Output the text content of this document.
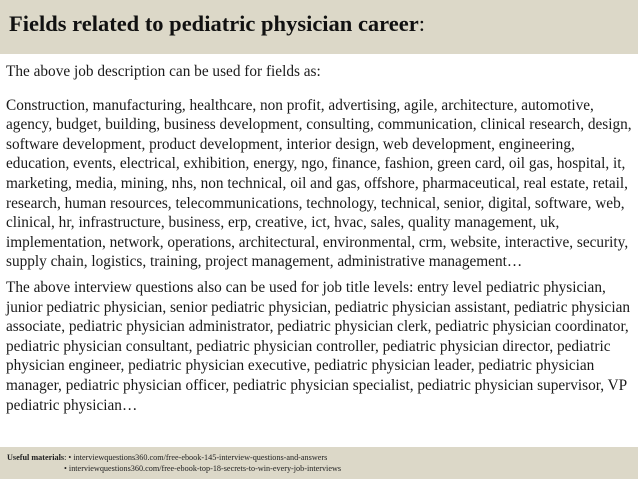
Fields related to pediatric physician career:

The above job description can be used for fields as:

Construction, manufacturing, healthcare, non profit, advertising, agile, architecture, automotive, agency, budget, building, business development, consulting, communication, clinical research, design, software development, product development, interior design, web development, engineering, education, events, electrical, exhibition, energy, ngo, finance, fashion, green card, oil gas, hospital, it, marketing, media, mining, nhs, non technical, oil and gas, offshore, pharmaceutical, real estate, retail, research, human resources, telecommunications, technology, technical, senior, digital, software, web, clinical, hr, infrastructure, business, erp, creative, ict, hvac, sales, quality management, uk, implementation, network, operations, architectural, environmental, crm, website, interactive, security, supply chain, logistics, training, project management, administrative management…

The above interview questions also can be used for job title levels: entry level pediatric physician, junior pediatric physician, senior pediatric physician, pediatric physician assistant, pediatric physician associate, pediatric physician administrator, pediatric physician clerk, pediatric physician coordinator, pediatric physician consultant, pediatric physician controller, pediatric physician director, pediatric physician engineer, pediatric physician executive, pediatric physician leader, pediatric physician manager, pediatric physician officer, pediatric physician specialist, pediatric physician supervisor, VP pediatric physician…

Useful materials: • interviewquestions360.com/free-ebook-145-interview-questions-and-answers
• interviewquestions360.com/free-ebook-top-18-secrets-to-win-every-job-interviews
